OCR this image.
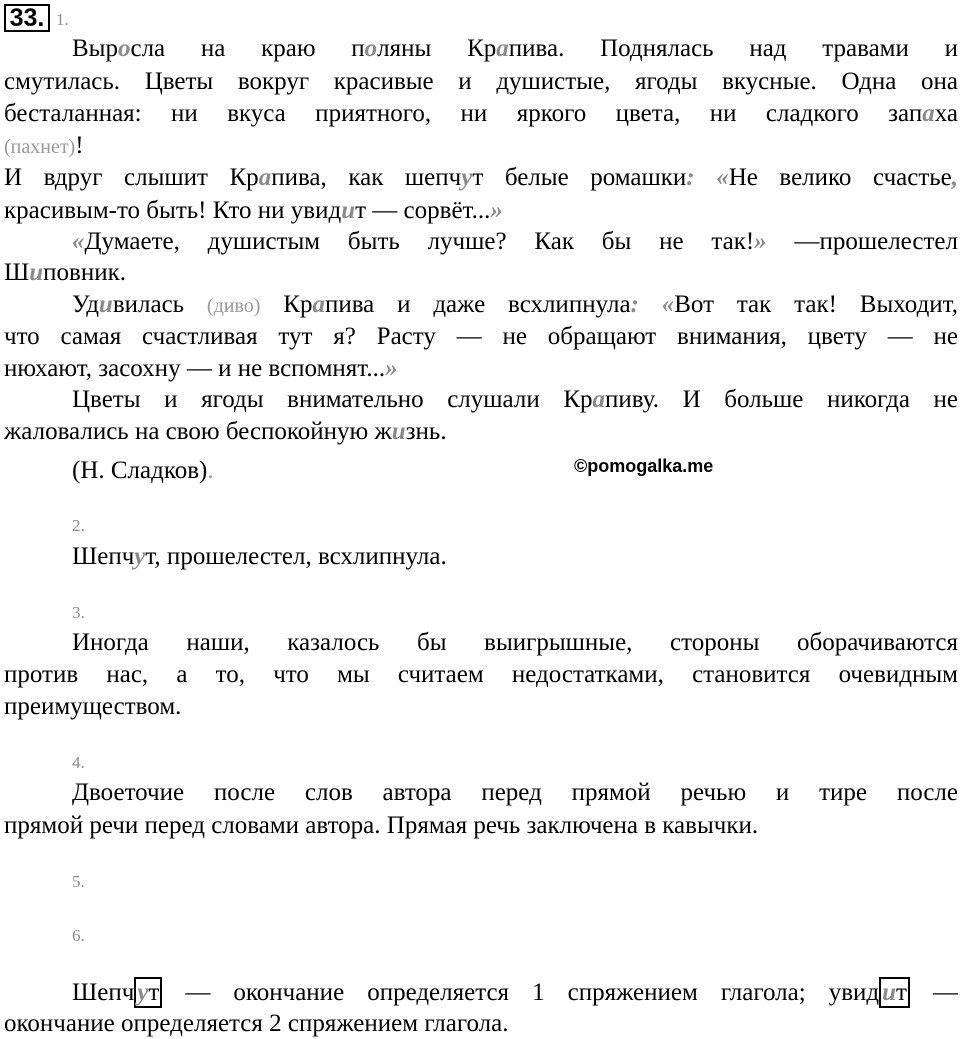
33. 1.
Выросла на краю поляны Крапива. Поднялась над травами и
смутилась. Цветы вокруг красивые и душистые, ягоды вкусные. Одна она
бесталанная: ни вкуса приятного, ни яркого цвета, ни сладкого запаха
(пахнет)!
И вдруг слышит Крапива, как шепчут белые ромашки: «Не велико счастье,
красивым-то быть! Кто ни увидит — сорвёт...»
«Думаете, душистым быть лучше? Как бы не так!» —прошелестел
Шиповник.
Удивилась (диво) Крапива и даже всхлипнула: «Вот так так! Выходит,
что самая счастливая тут я? Расту — не обращают внимания, цвету — не
нюхают, засохну — и не вспомнят...»
Цветы и ягоды внимательно слушали Крапиву. И больше никогда не
жаловались на свою беспокойную жизнь.
(Н. Сладков).	©pomogalka.me
2.
Шепчут, прошелестел, всхлипнула.
3.
Иногда наши, казалось бы выигрышные, стороны оборачиваются
против нас, а то, что мы считаем недостатками, становится очевидным
преимуществом.
4.
Двоеточие после слов автора перед прямой речью и тире после
прямой речи перед словами автора. Прямая речь заключена в кавычки.
5.
6.
Шепч ут — окончание определяется 1 спряжением глагола; увид ит —
окончание определяется 2 спряжением глагола.
